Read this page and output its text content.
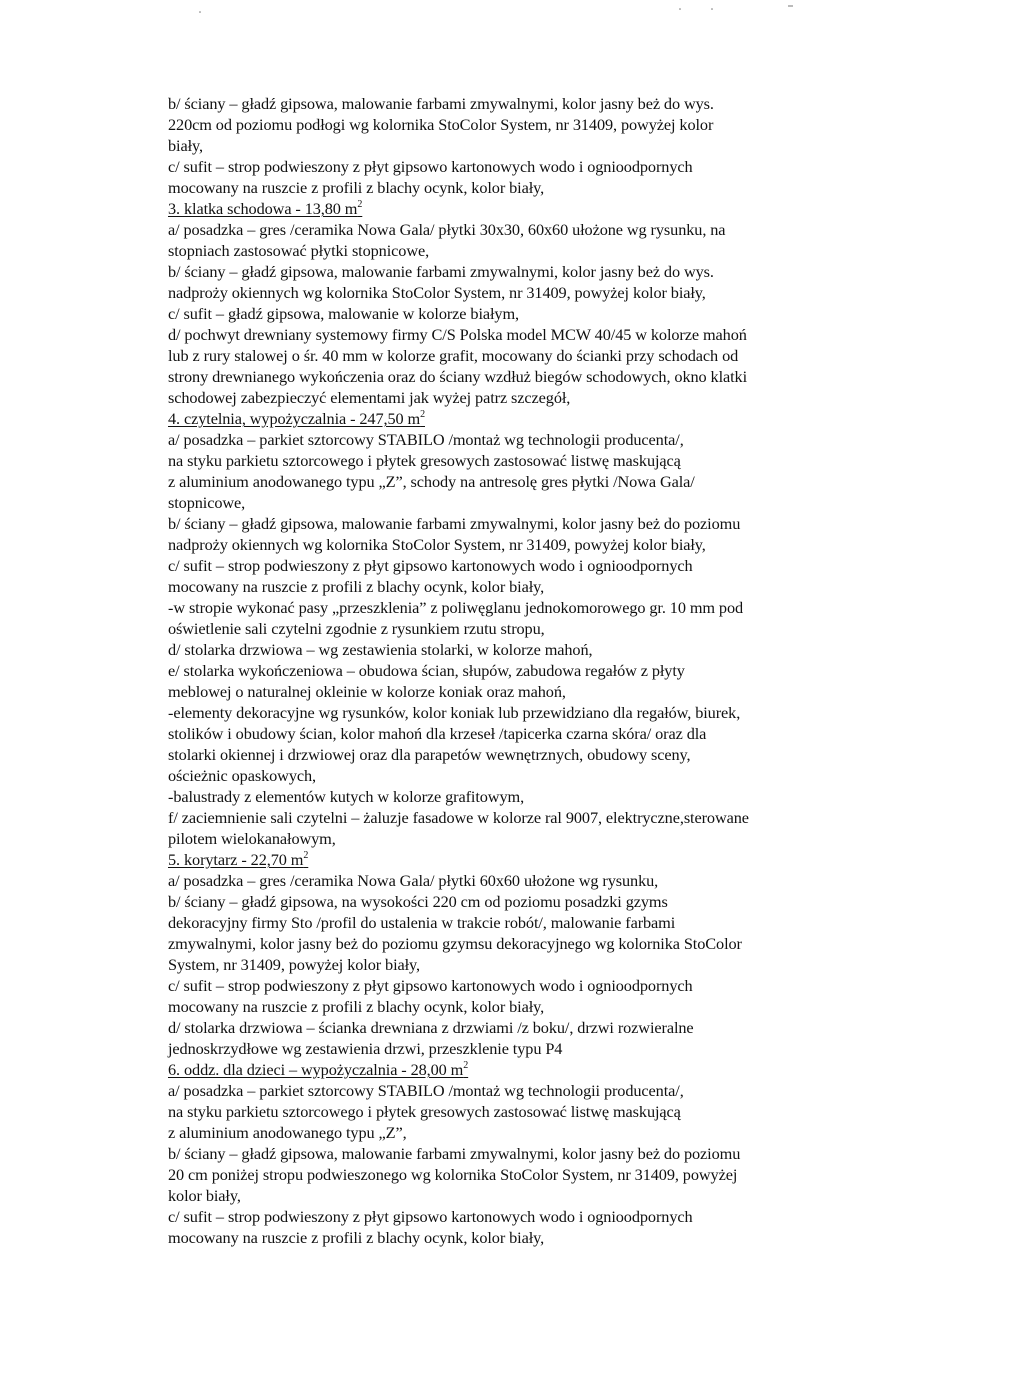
b/ ściany – gładź gipsowa, malowanie farbami zmywalnymi, kolor jasny beż do wys.
220cm od poziomu podłogi wg kolornika StoColor System, nr 31409, powyżej kolor
biały,
c/ sufit – strop podwieszony z płyt gipsowo kartonowych wodo i ognioodpornych
mocowany na ruszcie z profili z blachy ocynk, kolor biały,
3. klatka schodowa - 13,80 $m^2$
a/ posadzka – gres /ceramika Nowa Gala/ płytki 30x30, 60x60 ułożone wg rysunku, na
stopniach zastosować płytki stopnicowe,
b/ ściany – gładź gipsowa, malowanie farbami zmywalnymi, kolor jasny beż do wys.
nadproży okiennych wg kolornika StoColor System, nr 31409, powyżej kolor biały,
c/ sufit – gładź gipsowa, malowanie w kolorze białym,
d/ pochwyt drewniany systemowy firmy C/S Polska model MCW 40/45 w kolorze mahoń
lub z rury stalowej o śr. 40 mm w kolorze grafit, mocowany do ścianki przy schodach od
strony drewnianego wykończenia oraz do ściany wzdłuż biegów schodowych, okno klatki
schodowej zabezpieczyć elementami jak wyżej patrz szczegół,
4. czytelnia, wypożyczalnia - 247,50 $m^2$
a/ posadzka – parkiet sztorcowy STABILO /montaż wg technologii producenta/,
na styku parkietu sztorcowego i płytek gresowych zastosować listwę maskującą
z aluminium anodowanego typu „Z”, schody na antresolę gres płytki /Nowa Gala/
stopnicowe,
b/ ściany – gładź gipsowa, malowanie farbami zmywalnymi, kolor jasny beż do poziomu
nadproży okiennych wg kolornika StoColor System, nr 31409, powyżej kolor biały,
c/ sufit – strop podwieszony z płyt gipsowo kartonowych wodo i ognioodpornych
mocowany na ruszcie z profili z blachy ocynk, kolor biały,
-w stropie wykonać pasy „przeszklenia” z poliwęglanu jednokomorowego gr. 10 mm pod
oświetlenie sali czytelni zgodnie z rysunkiem rzutu stropu,
d/ stolarka drzwiowa – wg zestawienia stolarki, w kolorze mahoń,
e/ stolarka wykończeniowa – obudowa ścian, słupów, zabudowa regałów z płyty
meblowej o naturalnej okleinie w kolorze koniak oraz mahoń,
-elementy dekoracyjne wg rysunków, kolor koniak lub przewidziano dla regałów, biurek,
stolików i obudowy ścian, kolor mahoń dla krzeseł /tapicerka czarna skóra/ oraz dla
stolarki okiennej i drzwiowej oraz dla parapetów wewnętrznych, obudowy sceny,
ościeżnic opaskowych,
-balustrady z elementów kutych w kolorze grafitowym,
f/ zaciemnienie sali czytelni – żaluzje fasadowe w kolorze ral 9007, elektryczne,sterowane
pilotem wielokanałowym,
5. korytarz - 22,70 $m^2$
a/ posadzka – gres /ceramika Nowa Gala/ płytki 60x60 ułożone wg rysunku,
b/ ściany – gładź gipsowa, na wysokości 220 cm od poziomu posadzki gzyms
dekoracyjny firmy Sto /profil do ustalenia w trakcie robót/, malowanie farbami
zmywalnymi, kolor jasny beż do poziomu gzymsu dekoracyjnego wg kolornika StoColor
System, nr 31409, powyżej kolor biały,
c/ sufit – strop podwieszony z płyt gipsowo kartonowych wodo i ognioodpornych
mocowany na ruszcie z profili z blachy ocynk, kolor biały,
d/ stolarka drzwiowa – ścianka drewniana z drzwiami /z boku/, drzwi rozwieralne
jednoskrzydłowe wg zestawienia drzwi, przeszklenie typu P4
6. oddz. dla dzieci – wypożyczalnia - 28,00 $m^2$
a/ posadzka – parkiet sztorcowy STABILO /montaż wg technologii producenta/,
na styku parkietu sztorcowego i płytek gresowych zastosować listwę maskującą
z aluminium anodowanego typu „Z”,
b/ ściany – gładź gipsowa, malowanie farbami zmywalnymi, kolor jasny beż do poziomu
20 cm poniżej stropu podwieszonego wg kolornika StoColor System, nr 31409, powyżej
kolor biały,
c/ sufit – strop podwieszony z płyt gipsowo kartonowych wodo i ognioodpornych
mocowany na ruszcie z profili z blachy ocynk, kolor biały,
